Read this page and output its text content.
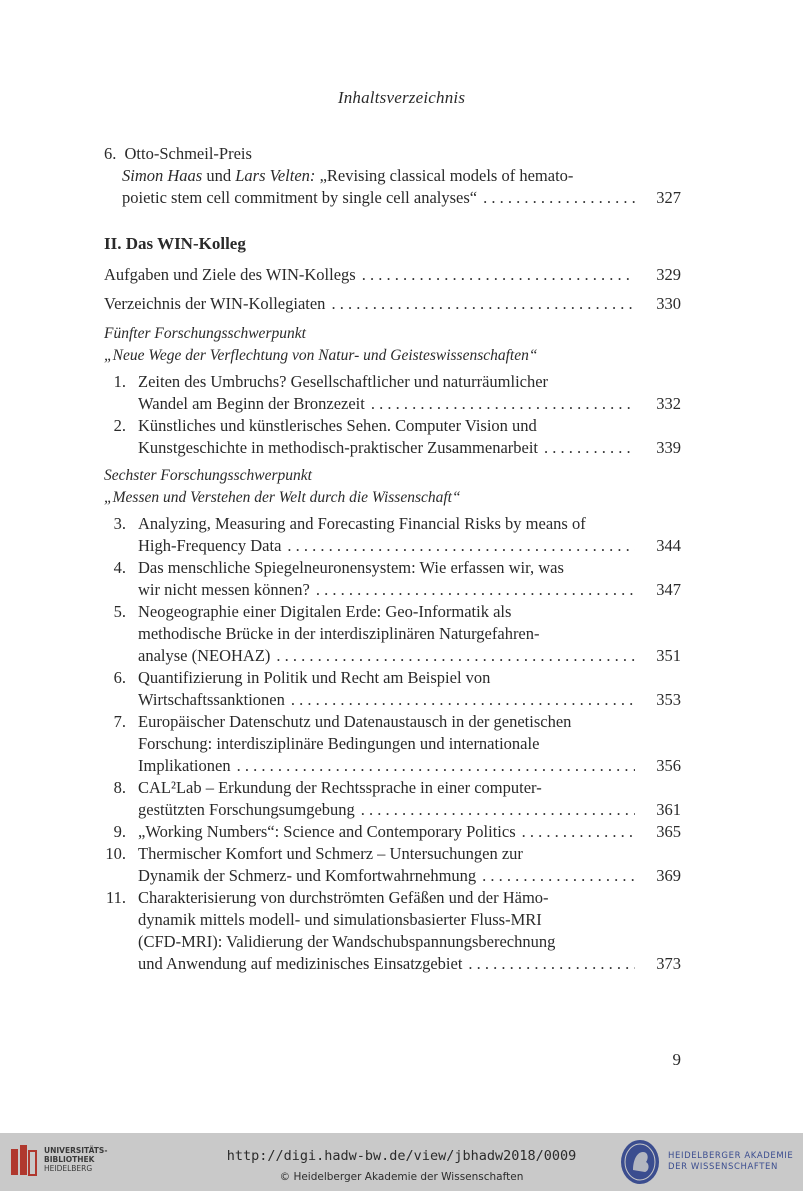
Inhaltsverzeichnis
6. Otto-Schmeil-Preis
Simon Haas und Lars Velten: „Revising classical models of hemato-
poietic stem cell commitment by single cell analyses“ . . .	327
II. Das WIN-Kolleg
Aufgaben und Ziele des WIN-Kollegs . . .	329
Verzeichnis der WIN-Kollegiaten . . .	330
Fünfter Forschungsschwerpunkt
„Neue Wege der Verflechtung von Natur- und Geisteswissenschaften“
1. Zeiten des Umbruchs? Gesellschaftlicher und naturräumlicher
Wandel am Beginn der Bronzezeit . . .	332
2. Künstliches und künstlerisches Sehen. Computer Vision und
Kunstgeschichte in methodisch-praktischer Zusammenarbeit . . .	339
Sechster Forschungsschwerpunkt
„Messen und Verstehen der Welt durch die Wissenschaft“
3. Analyzing, Measuring and Forecasting Financial Risks by means of
High-Frequency Data . . .	344
4. Das menschliche Spiegelneuronensystem: Wie erfassen wir, was
wir nicht messen können? . . .	347
5. Neogeographie einer Digitalen Erde: Geo-Informatik als
methodische Brücke in der interdisziplinären Naturgefahren-
analyse (NEOHAZ) . . .	351
6. Quantifizierung in Politik und Recht am Beispiel von
Wirtschaftssanktionen . . .	353
7. Europäischer Datenschutz und Datenaustausch in der genetischen
Forschung: interdisziplinäre Bedingungen und internationale
Implikationen . . .	356
8. CAL²Lab – Erkundung der Rechtssprache in einer computer-
gestützten Forschungsumgebung . . .	361
9. „Working Numbers“: Science and Contemporary Politics . . .	365
10. Thermischer Komfort und Schmerz – Untersuchungen zur
Dynamik der Schmerz- und Komfortwahrnehmung . . .	369
11. Charakterisierung von durchströmten Gefäßen und der Hämo-
dynamik mittels modell- und simulationsbasierter Fluss-MRI
(CFD-MRI): Validierung der Wandschubspannungsberechnung
und Anwendung auf medizinisches Einsatzgebiet . . .	373
9
UNIVERSITÄTS-
BIBLIOTHEK
HEIDELBERG
http://digi.hadw-bw.de/view/jbhadw2018/0009
© Heidelberger Akademie der Wissenschaften
HEIDELBERGER AKADEMIE
DER WISSENSCHAFTEN
